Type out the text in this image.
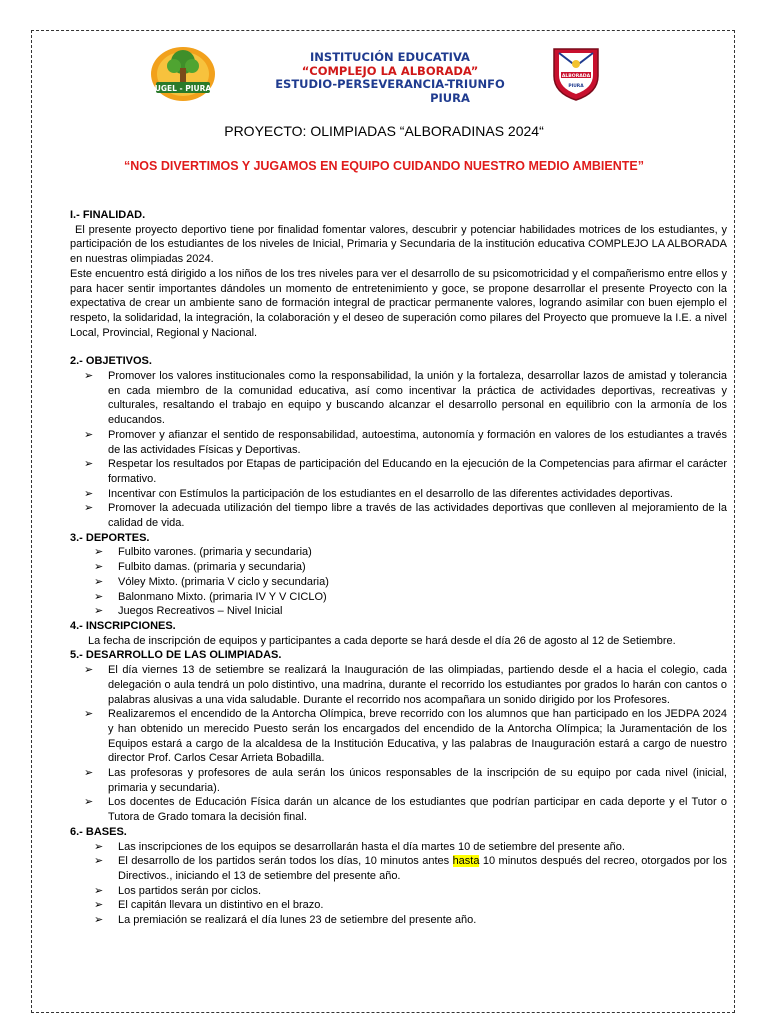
UGEL - PIURA
ALBORADA
PIURA
INSTITUCIÓN EDUCATIVA
“COMPLEJO LA ALBORADA”
ESTUDIO-PERSEVERANCIA-TRIUNFO
PIURA
PROYECTO: OLIMPIADAS “ALBORADINAS 2024“
“NOS DIVERTIMOS Y JUGAMOS EN EQUIPO CUIDANDO NUESTRO MEDIO AMBIENTE”

I.- FINALIDAD.

El presente proyecto deportivo tiene por finalidad fomentar valores, descubrir y potenciar habilidades motrices de los estudiantes, y participación de los estudiantes de los niveles de Inicial, Primaria y Secundaria de la institución educativa COMPLEJO LA ALBORADA en nuestras olimpiadas 2024.

Este encuentro está dirigido a los niños de los tres niveles para ver el desarrollo de su psicomotricidad y el compañerismo entre ellos y para hacer sentir importantes dándoles un momento de entretenimiento y goce, se propone desarrollar el presente Proyecto con la expectativa de crear un ambiente sano de formación integral de practicar permanente valores, logrando asimilar con buen ejemplo el respeto, la solidaridad, la integración, la colaboración y el deseo de superación como pilares del Proyecto que promueve la I.E. a nivel Local, Provincial, Regional y Nacional.

2.- OBJETIVOS.

➢ Promover los valores institucionales como la responsabilidad, la unión y la fortaleza, desarrollar lazos de amistad y tolerancia en cada miembro de la comunidad educativa, así como incentivar la práctica de actividades deportivas, recreativas y culturales, resaltando el trabajo en equipo y buscando alcanzar el desarrollo personal en equilibrio con la armonía de los educandos.
➢ Promover y afianzar el sentido de responsabilidad, autoestima, autonomía y formación en valores de los estudiantes a través de las actividades Físicas y Deportivas.
➢ Respetar los resultados por Etapas de participación del Educando en la ejecución de la Competencias para afirmar el carácter formativo.
➢ Incentivar con Estímulos la participación de los estudiantes en el desarrollo de las diferentes actividades deportivas.
➢ Promover la adecuada utilización del tiempo libre a través de las actividades deportivas que conlleven al mejoramiento de la calidad de vida.

3.- DEPORTES.

➢ Fulbito varones. (primaria y secundaria)
➢ Fulbito damas. (primaria y secundaria)
➢ Vóley Mixto. (primaria V ciclo y secundaria)
➢ Balonmano Mixto. (primaria IV Y V CICLO)
➢ Juegos Recreativos – Nivel Inicial

4.- INSCRIPCIONES.

La fecha de inscripción de equipos y participantes a cada deporte se hará desde el día 26 de agosto al 12 de Setiembre.

5.- DESARROLLO DE LAS OLIMPIADAS.

➢ El día viernes 13 de setiembre se realizará la Inauguración de las olimpiadas, partiendo desde el a hacia el colegio, cada delegación o aula tendrá un polo distintivo, una madrina, durante el recorrido los estudiantes por grados lo harán con cantos o palabras alusivas a una vida saludable. Durante el recorrido nos acompañara un sonido dirigido por los Profesores.
➢ Realizaremos el encendido de la Antorcha Olímpica, breve recorrido con los alumnos que han participado en los JEDPA 2024 y han obtenido un merecido Puesto serán los encargados del encendido de la Antorcha Olímpica; la Juramentación de los Equipos estará a cargo de la alcaldesa de la Institución Educativa, y las palabras de Inauguración estará a cargo de nuestro director Prof. Carlos Cesar Arrieta Bobadilla.
➢ Las profesoras y profesores de aula serán los únicos responsables de la inscripción de su equipo por cada nivel (inicial, primaria y secundaria).
➢ Los docentes de Educación Física darán un alcance de los estudiantes que podrían participar en cada deporte y el Tutor o Tutora de Grado tomara la decisión final.

6.- BASES.

➢ Las inscripciones de los equipos se desarrollarán hasta el día martes 10 de setiembre del presente año.
➢ El desarrollo de los partidos serán todos los días, 10 minutos antes hasta 10 minutos después del recreo, otorgados por los Directivos., iniciando el 13 de setiembre del presente año.
➢ Los partidos serán por ciclos.
➢ El capitán llevara un distintivo en el brazo.
➢ La premiación se realizará el día lunes 23 de setiembre del presente año.
